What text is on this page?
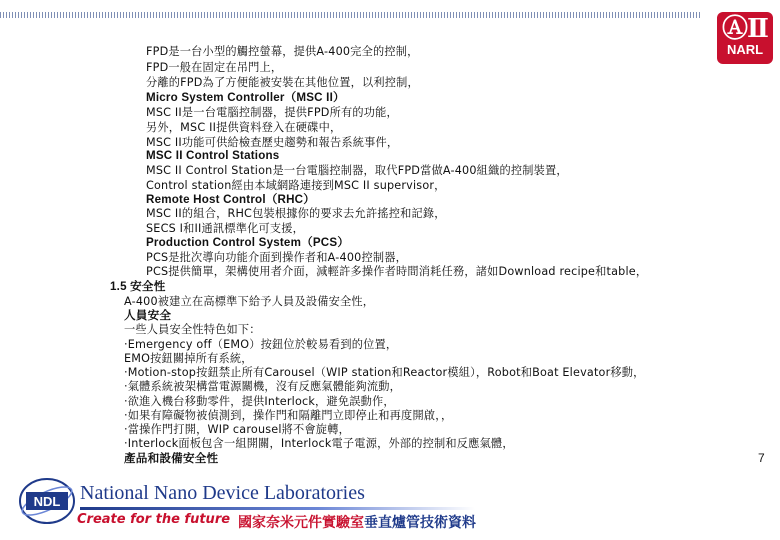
ⒶⅡ
NARL
FPD是一台小型的觸控螢幕，提供A-400完全的控制，
FPD一般在固定在吊門上，
分離的FPD為了方便能被安裝在其他位置，以利控制，
Micro System Controller（MSC II）
MSC II是一台電腦控制器，提供FPD所有的功能，
另外，MSC II提供資料登入在硬碟中，
MSC II功能可供給檢查歷史趨勢和報告系統事件，
MSC II Control Stations
MSC II Control Station是一台電腦控制器，取代FPD當做A-400組織的控制裝置，
Control station經由本域網路連接到MSC II supervisor，
Remote Host Control（RHC）
MSC II的組合，RHC包裝根據你的要求去允許搖控和記錄，
SECS I和II通訊標準化可支援，
Production Control System（PCS）
PCS是批次導向功能介面到操作者和A-400控制器，
PCS提供簡單，架構使用者介面，減輕許多操作者時間消耗任務，諸如Download recipe和table，
1.5 安全性
A-400被建立在高標準下給予人員及設備安全性，
人員安全
一些人員安全性特色如下：
‧Emergency off（EMO）按鈕位於較易看到的位置，
EMO按鈕關掉所有系統，
‧Motion-stop按鈕禁止所有Carousel（WIP station和Reactor模組），Robot和Boat Elevator移動，
‧氣體系統被架構當電源關機，沒有反應氣體能夠流動，
‧欲進入機台移動零件，提供Interlock，避免誤動作，
‧如果有障礙物被偵測到，操作門和隔離門立即停止和再度開啟，，
‧當操作門打開，WIP carousel將不會旋轉，
‧Interlock面板包含一組開關，Interlock電子電源，外部的控制和反應氣體，
產品和設備安全性	7
NDL National Nano Device Laboratories
Create for the future 國家奈米元件實驗室垂直爐管技術資料
